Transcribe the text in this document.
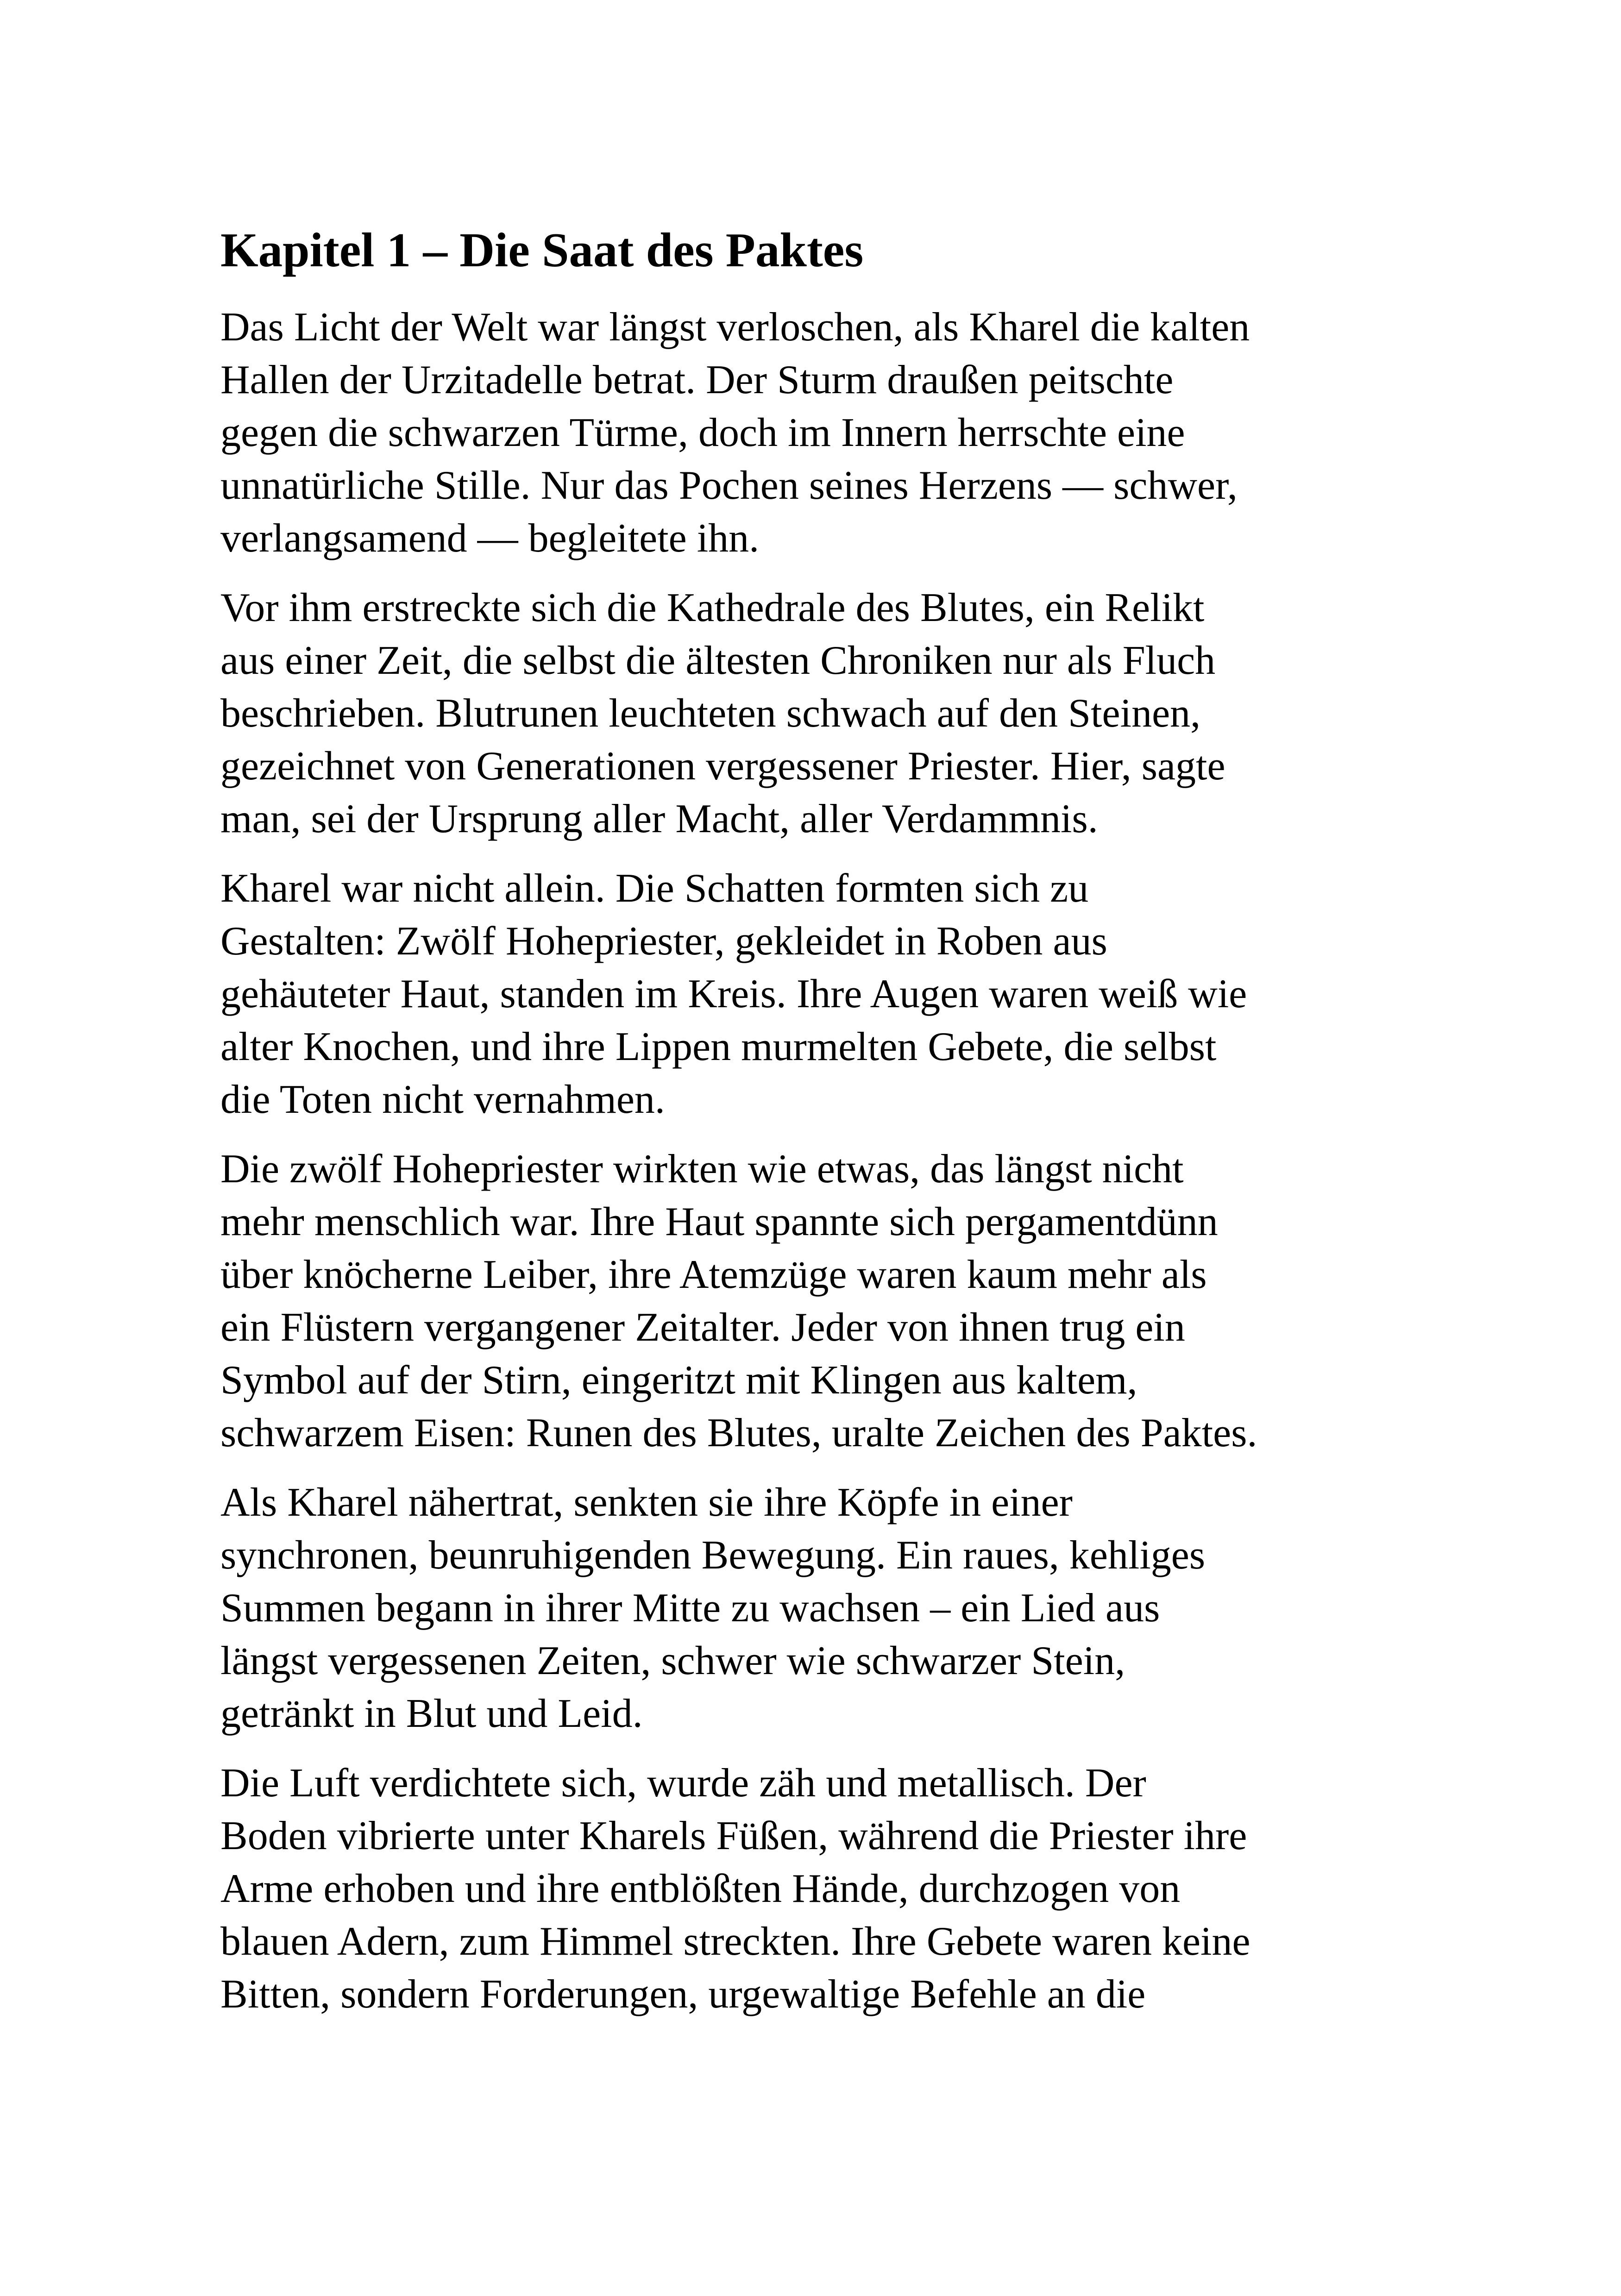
Kapitel 1 – Die Saat des Paktes
Das Licht der Welt war längst verloschen, als Kharel die kalten
Hallen der Urzitadelle betrat. Der Sturm draußen peitschte
gegen die schwarzen Türme, doch im Innern herrschte eine
unnatürliche Stille. Nur das Pochen seines Herzens — schwer,
verlangsamend — begleitete ihn.
Vor ihm erstreckte sich die Kathedrale des Blutes, ein Relikt
aus einer Zeit, die selbst die ältesten Chroniken nur als Fluch
beschrieben. Blutrunen leuchteten schwach auf den Steinen,
gezeichnet von Generationen vergessener Priester. Hier, sagte
man, sei der Ursprung aller Macht, aller Verdammnis.
Kharel war nicht allein. Die Schatten formten sich zu
Gestalten: Zwölf Hohepriester, gekleidet in Roben aus
gehäuteter Haut, standen im Kreis. Ihre Augen waren weiß wie
alter Knochen, und ihre Lippen murmelten Gebete, die selbst
die Toten nicht vernahmen.
Die zwölf Hohepriester wirkten wie etwas, das längst nicht
mehr menschlich war. Ihre Haut spannte sich pergamentdünn
über knöcherne Leiber, ihre Atemzüge waren kaum mehr als
ein Flüstern vergangener Zeitalter. Jeder von ihnen trug ein
Symbol auf der Stirn, eingeritzt mit Klingen aus kaltem,
schwarzem Eisen: Runen des Blutes, uralte Zeichen des Paktes.
Als Kharel nähertrat, senkten sie ihre Köpfe in einer
synchronen, beunruhigenden Bewegung. Ein raues, kehliges
Summen begann in ihrer Mitte zu wachsen – ein Lied aus
längst vergessenen Zeiten, schwer wie schwarzer Stein,
getränkt in Blut und Leid.
Die Luft verdichtete sich, wurde zäh und metallisch. Der
Boden vibrierte unter Kharels Füßen, während die Priester ihre
Arme erhoben und ihre entblößten Hände, durchzogen von
blauen Adern, zum Himmel streckten. Ihre Gebete waren keine
Bitten, sondern Forderungen, urgewaltige Befehle an die
